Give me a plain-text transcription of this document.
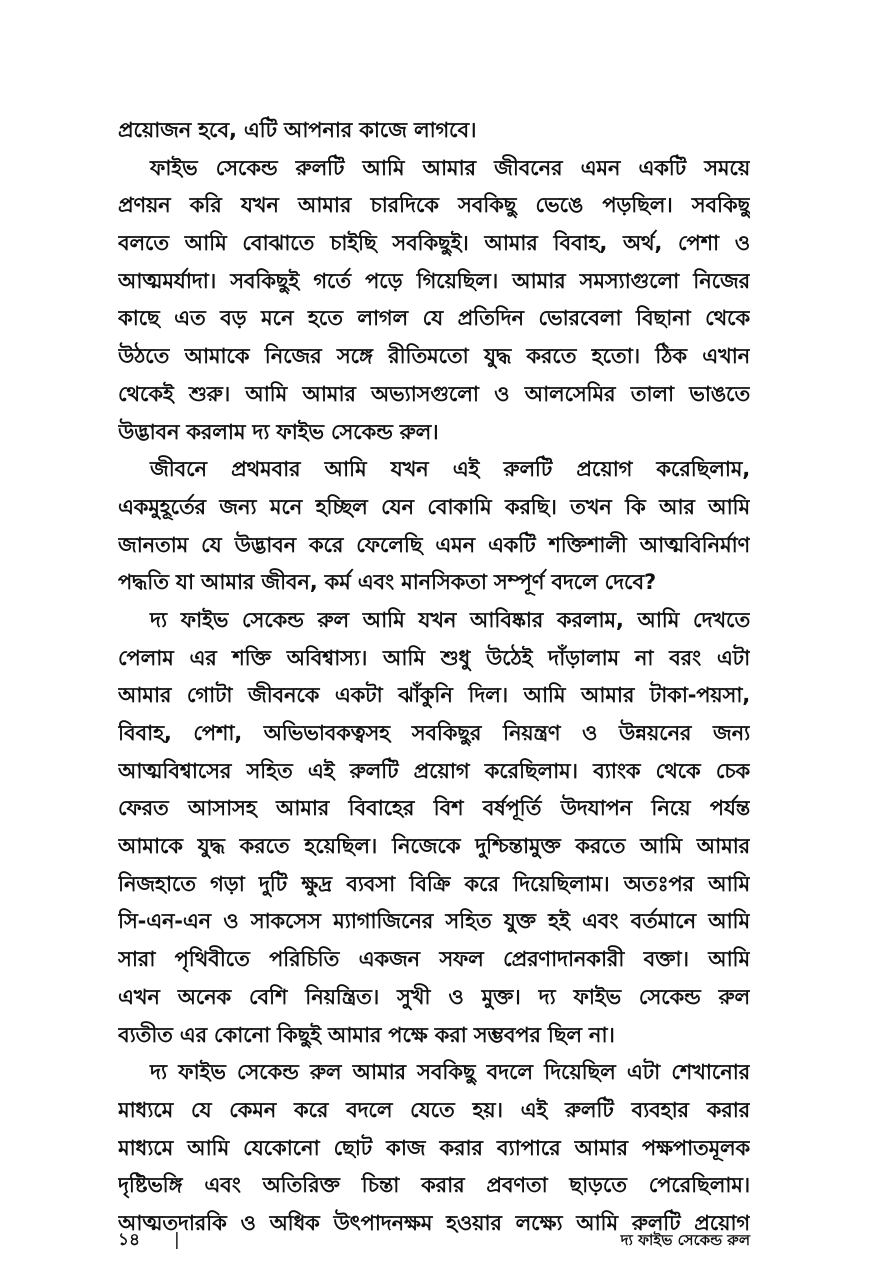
প্রয়োজন হবে, এটি আপনার কাজে লাগবে।
ফাইভ সেকেন্ড রুলটি আমি আমার জীবনের এমন একটি সময়ে
প্রণয়ন করি যখন আমার চারদিকে সবকিছু ভেঙে পড়ছিল। সবকিছু
বলতে আমি বোঝাতে চাইছি সবকিছুই। আমার বিবাহ, অর্থ, পেশা ও
আত্মমর্যাদা। সবকিছুই গর্তে পড়ে গিয়েছিল। আমার সমস্যাগুলো নিজের
কাছে এত বড় মনে হতে লাগল যে প্রতিদিন ভোরবেলা বিছানা থেকে
উঠতে আমাকে নিজের সঙ্গে রীতিমতো যুদ্ধ করতে হতো। ঠিক এখান
থেকেই শুরু। আমি আমার অভ্যাসগুলো ও আলসেমির তালা ভাঙতে
উদ্ভাবন করলাম দ্য ফাইভ সেকেন্ড রুল।
জীবনে প্রথমবার আমি যখন এই রুলটি প্রয়োগ করেছিলাম,
একমুহূর্তের জন্য মনে হচ্ছিল যেন বোকামি করছি। তখন কি আর আমি
জানতাম যে উদ্ভাবন করে ফেলেছি এমন একটি শক্তিশালী আত্মবিনির্মাণ
পদ্ধতি যা আমার জীবন, কর্ম এবং মানসিকতা সম্পূর্ণ বদলে দেবে?
দ্য ফাইভ সেকেন্ড রুল আমি যখন আবিষ্কার করলাম, আমি দেখতে
পেলাম এর শক্তি অবিশ্বাস্য। আমি শুধু উঠেই দাঁড়ালাম না বরং এটা
আমার গোটা জীবনকে একটা ঝাঁকুনি দিল। আমি আমার টাকা-পয়সা,
বিবাহ, পেশা, অভিভাবকত্বসহ সবকিছুর নিয়ন্ত্রণ ও উন্নয়নের জন্য
আত্মবিশ্বাসের সহিত এই রুলটি প্রয়োগ করেছিলাম। ব্যাংক থেকে চেক
ফেরত আসাসহ আমার বিবাহের বিশ বর্ষপূর্তি উদযাপন নিয়ে পর্যন্ত
আমাকে যুদ্ধ করতে হয়েছিল। নিজেকে দুশ্চিন্তামুক্ত করতে আমি আমার
নিজহাতে গড়া দুটি ক্ষুদ্র ব্যবসা বিক্রি করে দিয়েছিলাম। অতঃপর আমি
সি-এন-এন ও সাকসেস ম্যাগাজিনের সহিত যুক্ত হই এবং বর্তমানে আমি
সারা পৃথিবীতে পরিচিতি একজন সফল প্রেরণাদানকারী বক্তা। আমি
এখন অনেক বেশি নিয়ন্ত্রিত। সুখী ও মুক্ত। দ্য ফাইভ সেকেন্ড রুল
ব্যতীত এর কোনো কিছুই আমার পক্ষে করা সম্ভবপর ছিল না।
দ্য ফাইভ সেকেন্ড রুল আমার সবকিছু বদলে দিয়েছিল এটা শেখানোর
মাধ্যমে যে কেমন করে বদলে যেতে হয়। এই রুলটি ব্যবহার করার
মাধ্যমে আমি যেকোনো ছোট কাজ করার ব্যাপারে আমার পক্ষপাতমূলক
দৃষ্টিভঙ্গি এবং অতিরিক্ত চিন্তা করার প্রবণতা ছাড়তে পেরেছিলাম।
আত্মতদারকি ও অধিক উৎপাদনক্ষম হওয়ার লক্ষ্যে আমি রুলটি প্রয়োগ
১৪ |	দ্য ফাইভ সেকেন্ড রুল
